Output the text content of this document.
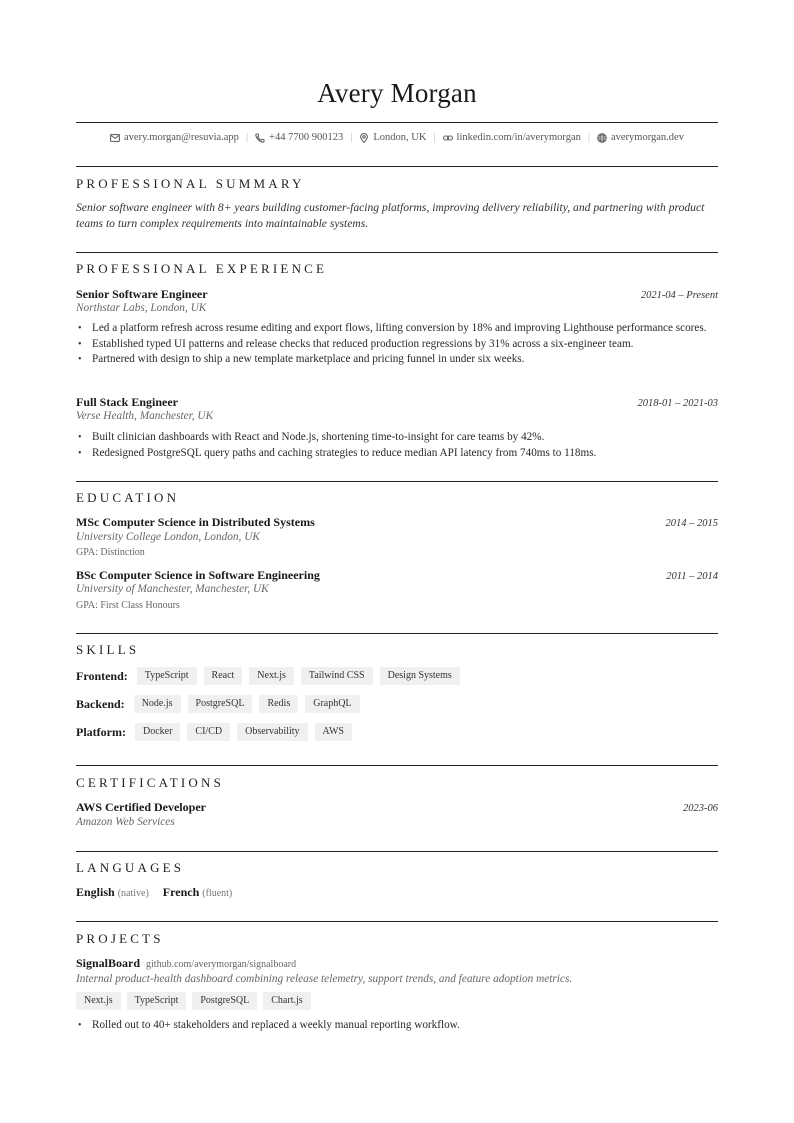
Avery Morgan
avery.morgan@resuvia.app | +44 7700 900123 | London, UK | linkedin.com/in/averymorgan | averymorgan.dev
PROFESSIONAL SUMMARY

Senior software engineer with 8+ years building customer-facing platforms, improving delivery reliability, and partnering with product teams to turn complex requirements into maintainable systems.

PROFESSIONAL EXPERIENCE
Senior Software Engineer	2021-04 – Present
Northstar Labs, London, UK
• Led a platform refresh across resume editing and export flows, lifting conversion by 18% and improving Lighthouse performance scores.
• Established typed UI patterns and release checks that reduced production regressions by 31% across a six-engineer team.
• Partnered with design to ship a new template marketplace and pricing funnel in under six weeks.
Full Stack Engineer	2018-01 – 2021-03
Verse Health, Manchester, UK
• Built clinician dashboards with React and Node.js, shortening time-to-insight for care teams by 42%.
• Redesigned PostgreSQL query paths and caching strategies to reduce median API latency from 740ms to 118ms.
EDUCATION
MSc Computer Science in Distributed Systems	2014 – 2015
University College London, London, UK
GPA: Distinction
BSc Computer Science in Software Engineering	2011 – 2014
University of Manchester, Manchester, UK
GPA: First Class Honours
SKILLS
Frontend:	TypeScript	React	Next.js	Tailwind CSS	Design Systems
Backend:	Node.js	PostgreSQL	Redis	GraphQL
Platform:	Docker	CI/CD	Observability	AWS
CERTIFICATIONS
AWS Certified Developer	2023-06
Amazon Web Services
LANGUAGES
English (native) French (fluent)
PROJECTS
SignalBoard github.com/averymorgan/signalboard
Internal product-health dashboard combining release telemetry, support trends, and feature adoption metrics.
Next.js	TypeScript	PostgreSQL	Chart.js
• Rolled out to 40+ stakeholders and replaced a weekly manual reporting workflow.
